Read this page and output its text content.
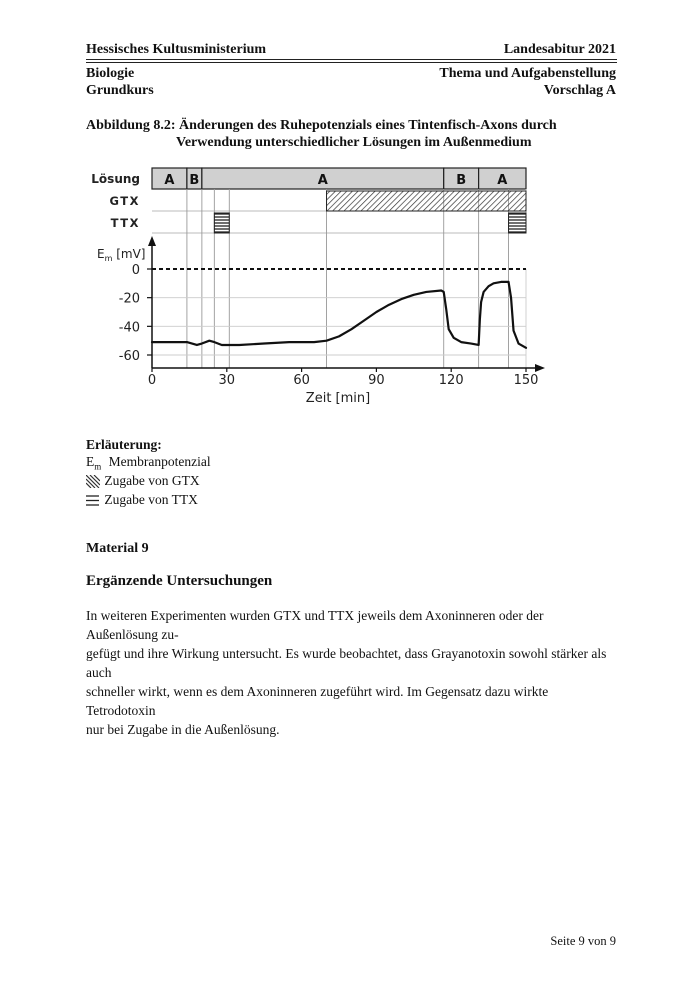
Hessisches Kultusministerium	Landesabitur 2021
Biologie
Grundkurs
Thema und Aufgabenstellung
Vorschlag A
Abbildung 8.2: Änderungen des Ruhepotenzials eines Tintenfisch-Axons durch
Verwendung unterschiedlicher Lösungen im Außenmedium
Lösung
GTX
TTX
A B	A	B A
0
-20
-40
-60
0	30	60	90	120	150
$E_m$ [mV]
Zeit [min]
Erläuterung:
$E_m$ Membranpotenzial
Zugabe von GTX
Zugabe von TTX
Material 9
Ergänzende Untersuchungen
In weiteren Experimenten wurden GTX und TTX jeweils dem Axoninneren oder der Außenlösung zu-
gefügt und ihre Wirkung untersucht. Es wurde beobachtet, dass Grayanotoxin sowohl stärker als auch
schneller wirkt, wenn es dem Axoninneren zugeführt wird. Im Gegensatz dazu wirkte Tetrodotoxin
nur bei Zugabe in die Außenlösung.
Seite 9 von 9
